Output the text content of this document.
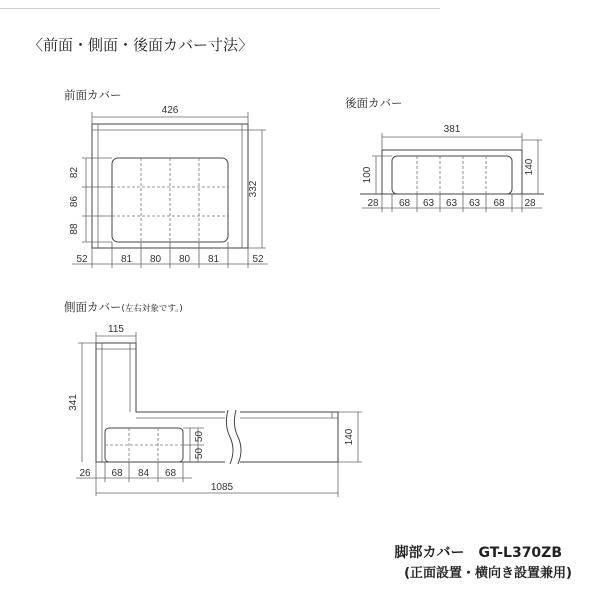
〈前面・側面・後面カバー寸法〉
前面カバー
426
82
86
88
332
52	81 80 80 81	52
後面カバー
381
100	140
28 68 63 63 63 68 28
側面カバー(左右対象です。)
115
341
50
50
140
26 68 84 68
1085
脚部カバー　GT-L370ZB
(正面設置・横向き設置兼用)
